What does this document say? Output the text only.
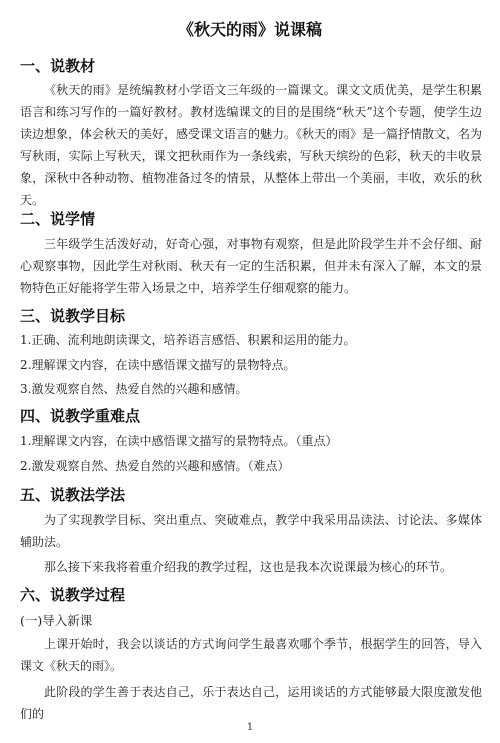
《秋天的雨》说课稿
一、说教材
《秋天的雨》是统编教材小学语文三年级的一篇课文。课文文质优美，是学生积累语言和练习写作的一篇好教材。教材选编课文的目的是围绕“秋天”这个专题，使学生边读边想象，体会秋天的美好，感受课文语言的魅力。《秋天的雨》是一篇抒情散文，名为写秋雨，实际上写秋天，课文把秋雨作为一条线索，写秋天缤纷的色彩，秋天的丰收景象，深秋中各种动物、植物准备过冬的情景，从整体上带出一个美丽，丰收，欢乐的秋天。
二、说学情
三年级学生活泼好动，好奇心强，对事物有观察，但是此阶段学生并不会仔细、耐心观察事物，因此学生对秋雨、秋天有一定的生活积累，但并未有深入了解，本文的景物特色正好能将学生带入场景之中，培养学生仔细观察的能力。
三、说教学目标
1.正确、流利地朗读课文，培养语言感悟、积累和运用的能力。
2.理解课文内容，在读中感悟课文描写的景物特点。
3.激发观察自然、热爱自然的兴趣和感情。
四、说教学重难点
1.理解课文内容，在读中感悟课文描写的景物特点。（重点）
2.激发观察自然、热爱自然的兴趣和感情。（难点）
五、说教法学法
为了实现教学目标、突出重点、突破难点，教学中我采用品读法、讨论法、多媒体辅助法。
那么接下来我将着重介绍我的教学过程，这也是我本次说课最为核心的环节。
六、说教学过程
(一)导入新课
上课开始时，我会以谈话的方式询问学生最喜欢哪个季节，根据学生的回答，导入课文《秋天的雨》。
此阶段的学生善于表达自己，乐于表达自己，运用谈话的方式能够最大限度激发他们的
1
